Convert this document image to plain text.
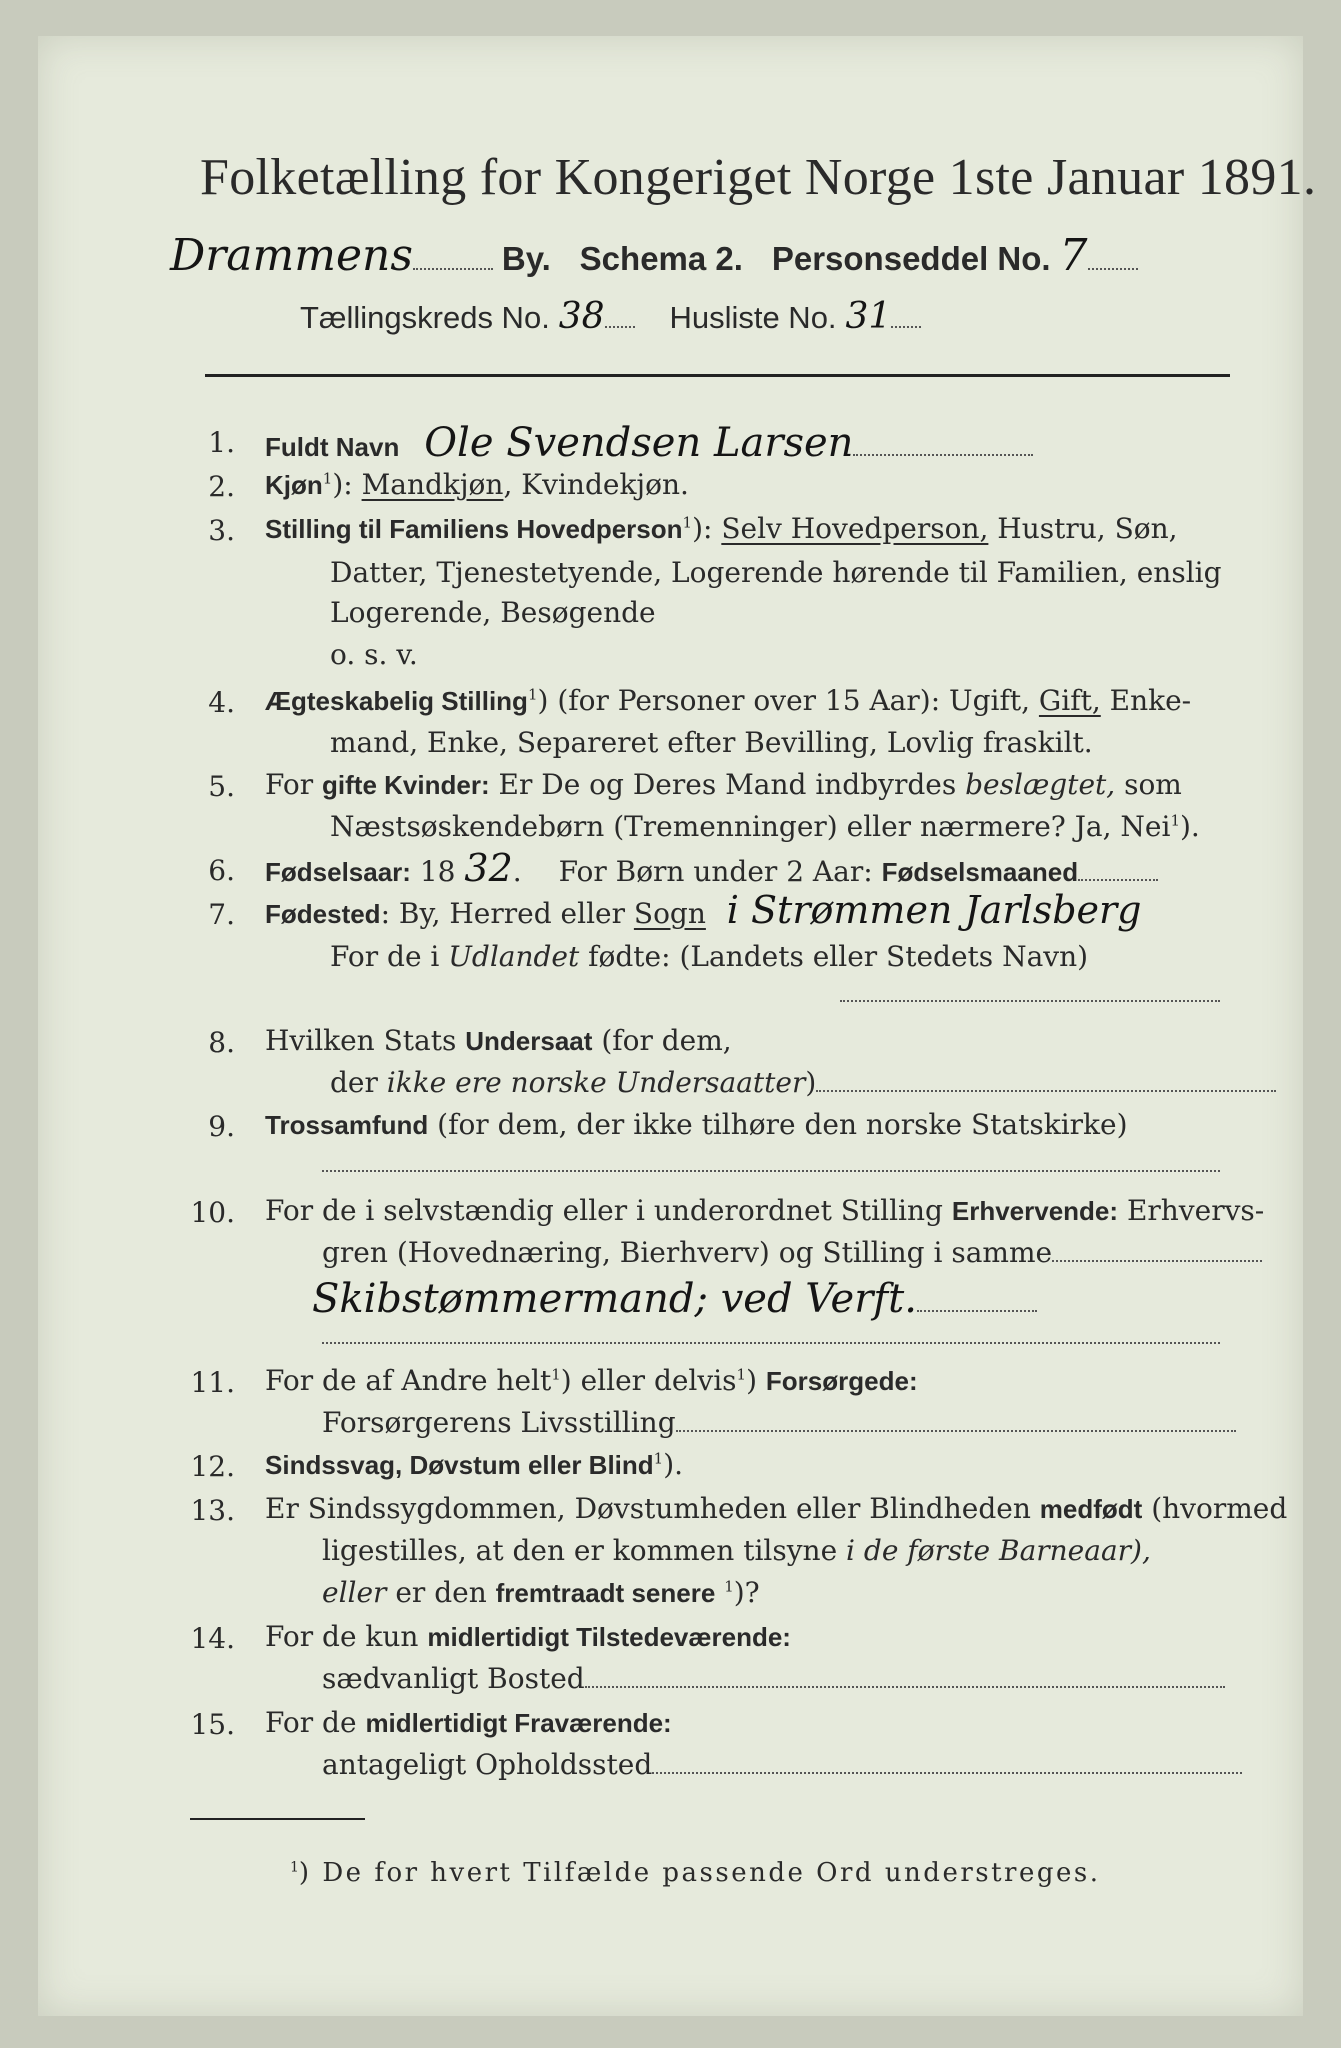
Folketælling for Kongeriget Norge 1ste Januar 1891.
Drammens	By. Schema 2. Personseddel No. 7
Tællingskreds No. 38 Husliste No. 31
1. Fuldt Navn Ole Svendsen Larsen
2. Kjøn$^1$): Mandkjøn, Kvindekjøn.
3. Stilling til Familiens Hovedperson$^1$): Selv Hovedperson, Hustru, Søn,
Datter, Tjenestetyende, Logerende hørende til Familien, enslig
Logerende, Besøgende
o. s. v.
4. Ægteskabelig Stilling$^1$) (for Personer over 15 Aar): Ugift, Gift, Enke-
mand, Enke, Separeret efter Bevilling, Lovlig fraskilt.
5. For gifte Kvinder: Er De og Deres Mand indbyrdes beslægtet, som
Næstsøskendebørn (Tremenninger) eller nærmere? Ja, Nei$^1$).
6. Fødselsaar: 18 32. For Børn under 2 Aar: Fødselsmaaned
7. Fødested: By, Herred eller Sogn i Strømmen Jarlsberg
For de i Udlandet fødte: (Landets eller Stedets Navn)
8. Hvilken Stats Undersaat (for dem,
der ikke ere norske Undersaatter)
9. Trossamfund (for dem, der ikke tilhøre den norske Statskirke)
10. For de i selvstændig eller i underordnet Stilling Erhvervende: Erhvervs-
gren (Hovednæring, Bierhverv) og Stilling i samme
Skibstømmermand; ved Verft.
11. For de af Andre helt$^1$) eller delvis$^1$) Forsørgede:
Forsørgerens Livsstilling
12. Sindssvag, Døvstum eller Blind$^1$).
13. Er Sindssygdommen, Døvstumheden eller Blindheden medfødt (hvormed
ligestilles, at den er kommen tilsyne i de første Barneaar),
eller er den fremtraadt senere $^1$)?
14. For de kun midlertidigt Tilstedeværende:
sædvanligt Bosted
15. For de midlertidigt Fraværende:
antageligt Opholdssted
$^1$) De for hvert Tilfælde passende Ord understreges.
